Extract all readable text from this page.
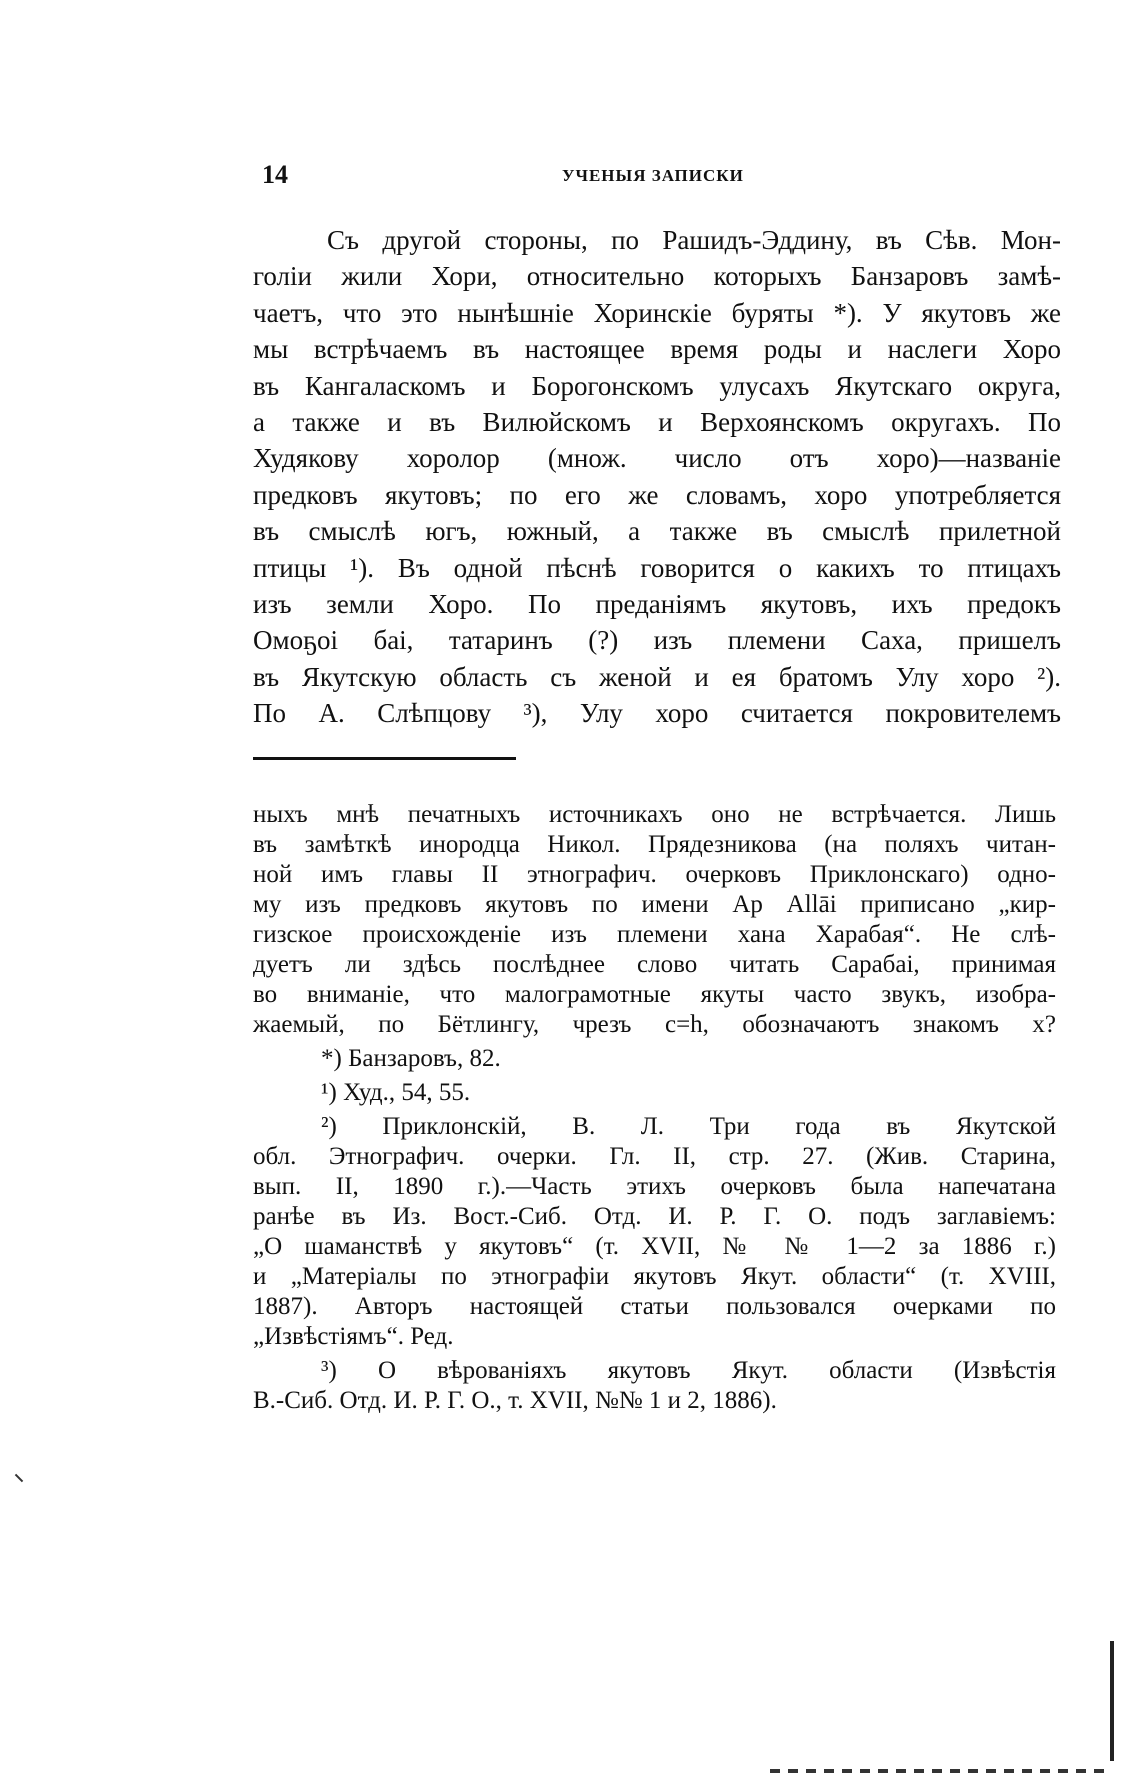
14	УЧЕНЫЯ ЗАПИСКИ
Съ другой стороны, по Рашидъ-Эддину, въ Сѣв. Мон-
голіи жили Хори, относительно которыхъ Банзаровъ замѣ-
чаетъ, что это нынѣшніе Хоринскіе буряты *). У якутовъ же
мы встрѣчаемъ въ настоящее время роды и наслеги Хоро
въ Кангаласкомъ и Борогонскомъ улусахъ Якутскаго округа,
а также и въ Вилюйскомъ и Верхоянскомъ округахъ. По
Худякову хоролор (множ. число отъ хоро)—названіе
предковъ якутовъ; по его же словамъ, хоро употребляется
въ смыслѣ югъ, южный, а также въ смыслѣ прилетной
птицы ¹). Въ одной пѣснѣ говорится о какихъ то птицахъ
изъ земли Хоро. По преданіямъ якутовъ, ихъ предокъ
Омоҕоі баі, татаринъ (?) изъ племени Саха, пришелъ
въ Якутскую область съ женой и ея братомъ Улу хоро ²).
По А. Слѣпцову ³), Улу хоро считается покровителемъ
ныхъ мнѣ печатныхъ источникахъ оно не встрѣчается. Лишь
въ замѣткѣ инородца Никол. Прядезникова (на поляхъ читан-
ной имъ главы II этнографич. очерковъ Приклонскаго) одно-
му изъ предковъ якутовъ по имени Ар Аllāі приписано „кир-
гизское происхожденіе изъ племени хана Харабая“. Не слѣ-
дуетъ ли здѣсь послѣднее слово читать Сарабаі, принимая
во вниманіе, что малограмотные якуты часто звукъ, изобра-
жаемый, по Бётлингу, чрезъ c=h, обозначаютъ знакомъ х?
*) Банзаровъ, 82.
¹) Худ., 54, 55.
²) Приклонскій, В. Л. Три года въ Якутской
обл. Этнографич. очерки. Гл. II, стр. 27. (Жив. Старина,
вып. II, 1890 г.).—Часть этихъ очерковъ была напечатана
ранѣе въ Из. Вост.-Сиб. Отд. И. Р. Г. О. подъ заглавіемъ:
„О шаманствѣ у якутовъ“ (т. XVII, № № 1—2 за 1886 г.)
и „Матеріалы по этнографіи якутовъ Якут. области“ (т. XVIII,
1887). Авторъ настоящей статьи пользовался очерками по
„Извѣстіямъ“. Ред.
³) О вѣрованіяхъ якутовъ Якут. области (Извѣстія
В.-Сиб. Отд. И. Р. Г. О., т. XVII, №№ 1 и 2, 1886).
